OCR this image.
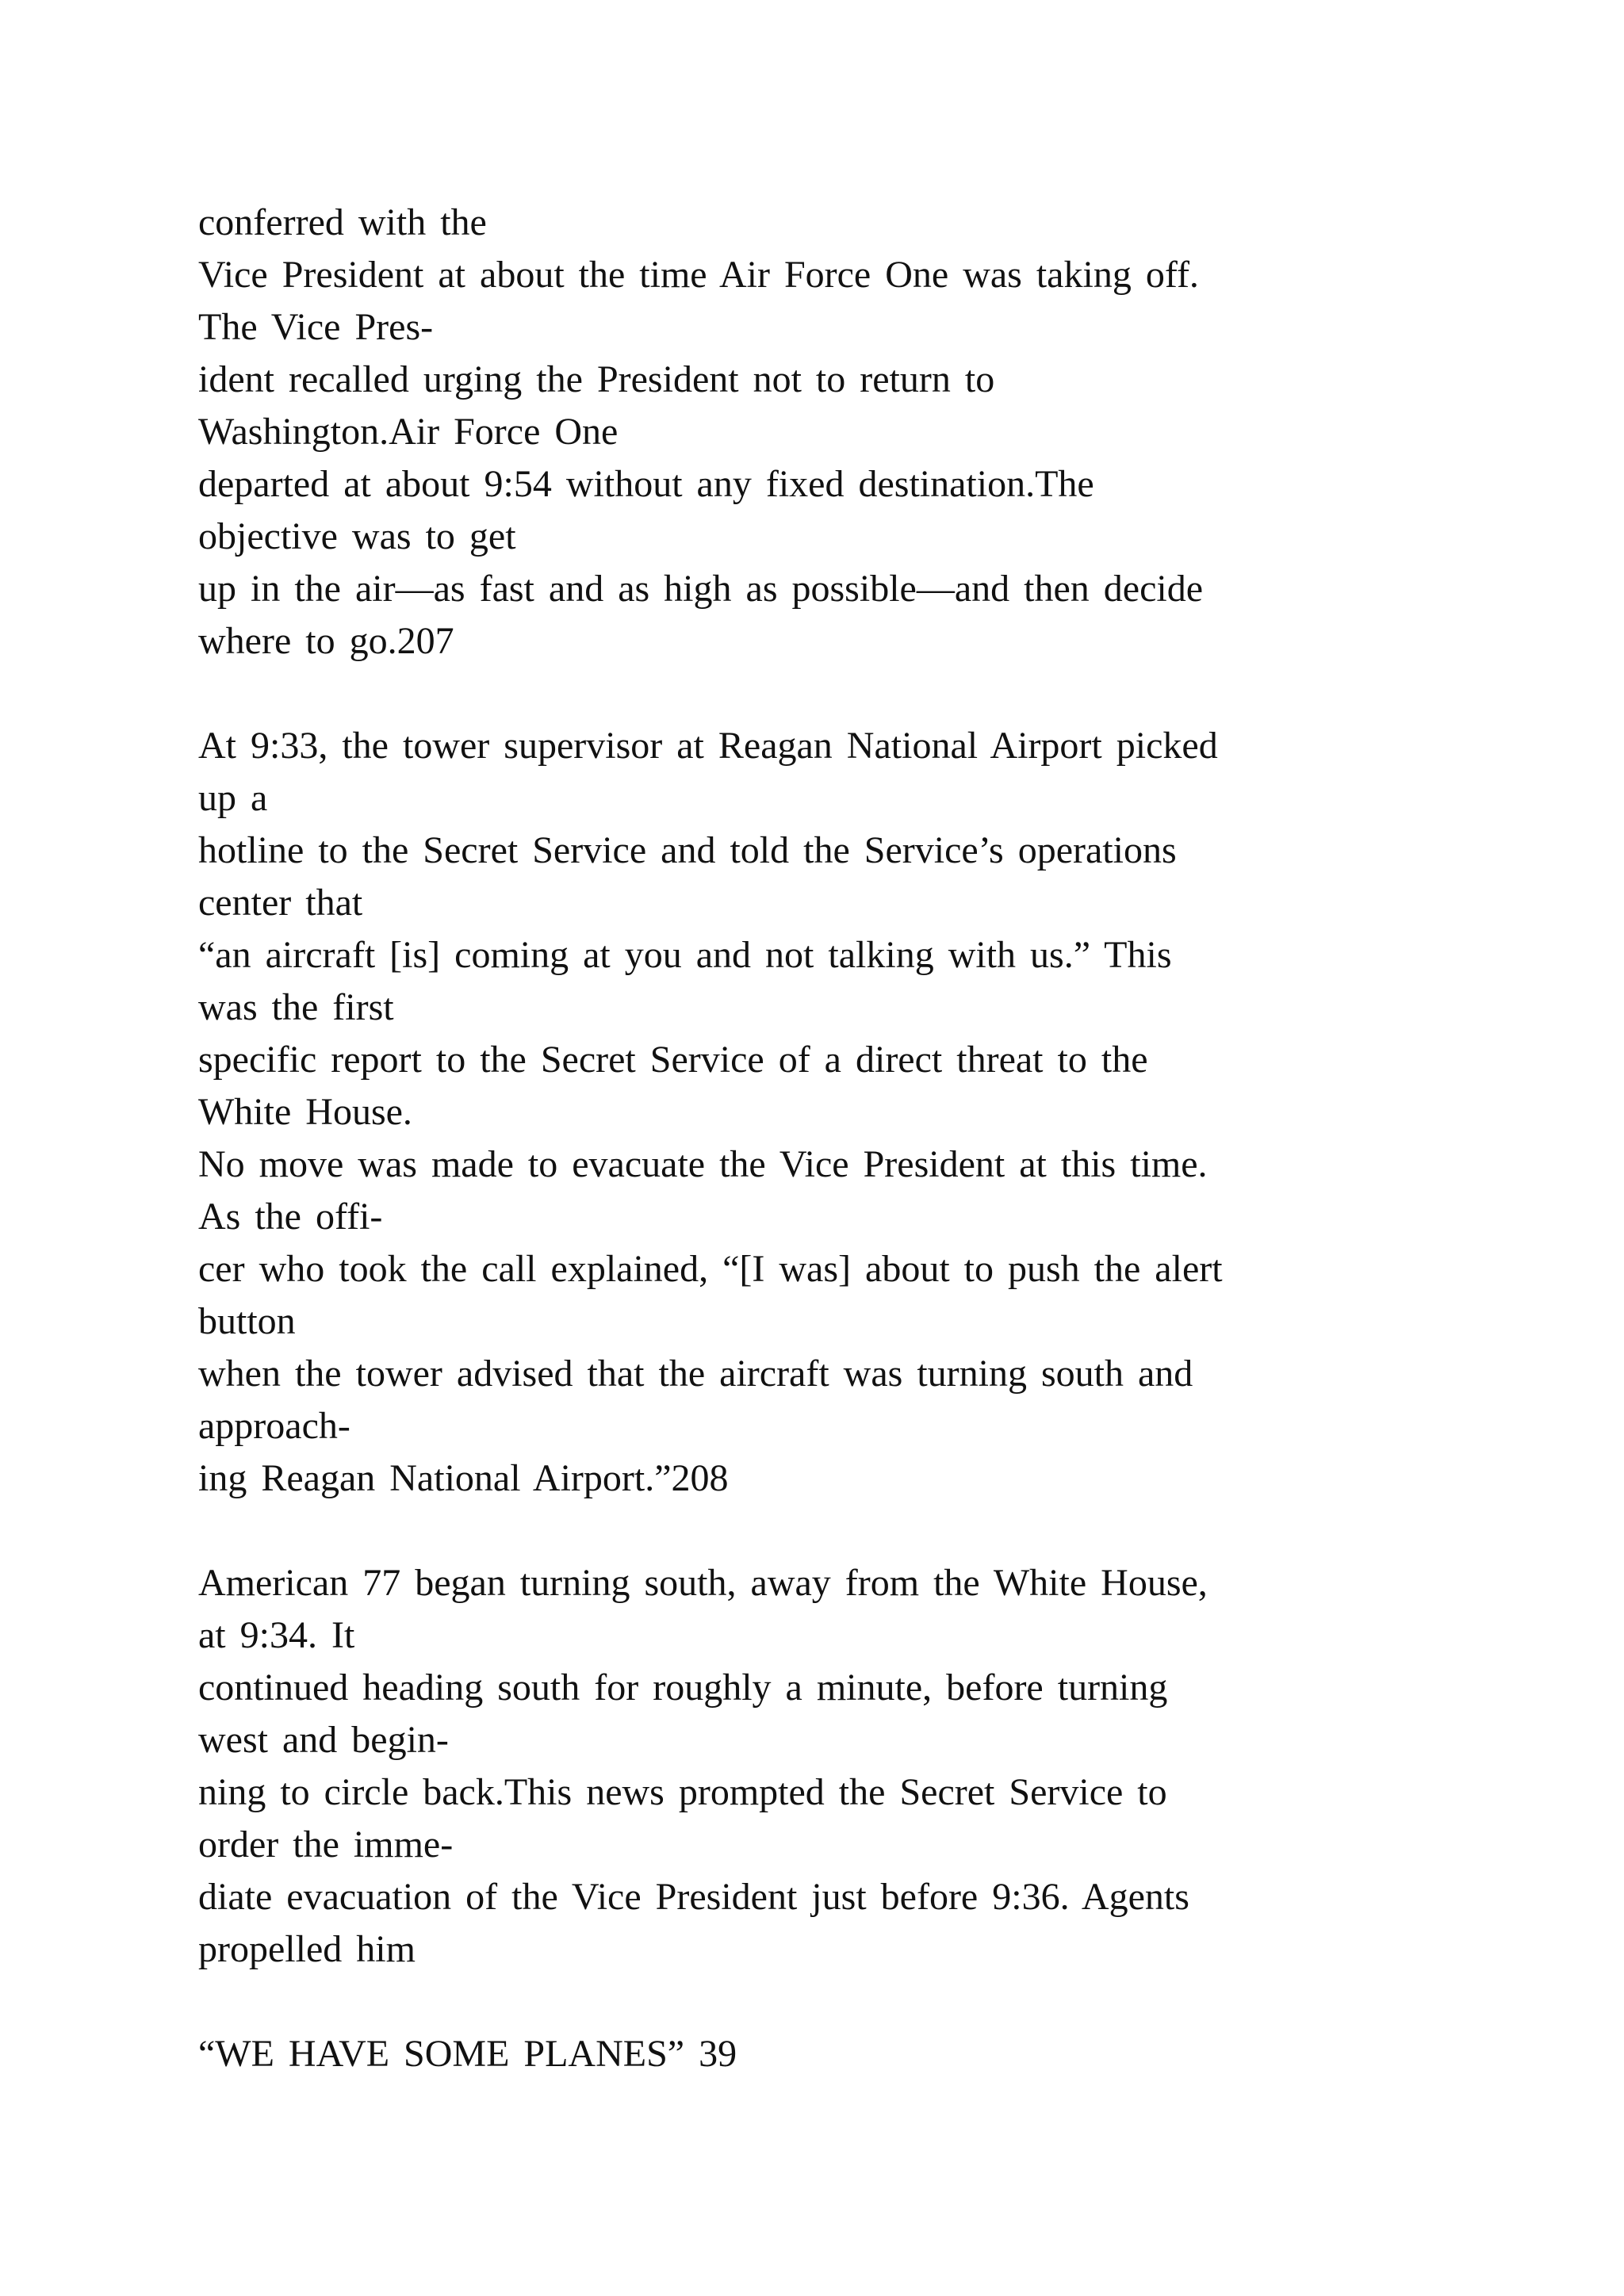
conferred with the
Vice President at about the time Air Force One was taking off.
The Vice Pres-
ident recalled urging the President not to return to
Washington.Air Force One
departed at about 9:54 without any fixed destination.The
objective was to get
up in the air—as fast and as high as possible—and then decide
where to go.207
At 9:33, the tower supervisor at Reagan National Airport picked
up a
hotline to the Secret Service and told the Service’s operations
center that
“an aircraft [is] coming at you and not talking with us.” This
was the first
specific report to the Secret Service of a direct threat to the
White House.
No move was made to evacuate the Vice President at this time.
As the offi-
cer who took the call explained, “[I was] about to push the alert
button
when the tower advised that the aircraft was turning south and
approach-
ing Reagan National Airport.”208
American 77 began turning south, away from the White House,
at 9:34. It
continued heading south for roughly a minute, before turning
west and begin-
ning to circle back.This news prompted the Secret Service to
order the imme-
diate evacuation of the Vice President just before 9:36. Agents
propelled him
“WE HAVE SOME PLANES” 39
